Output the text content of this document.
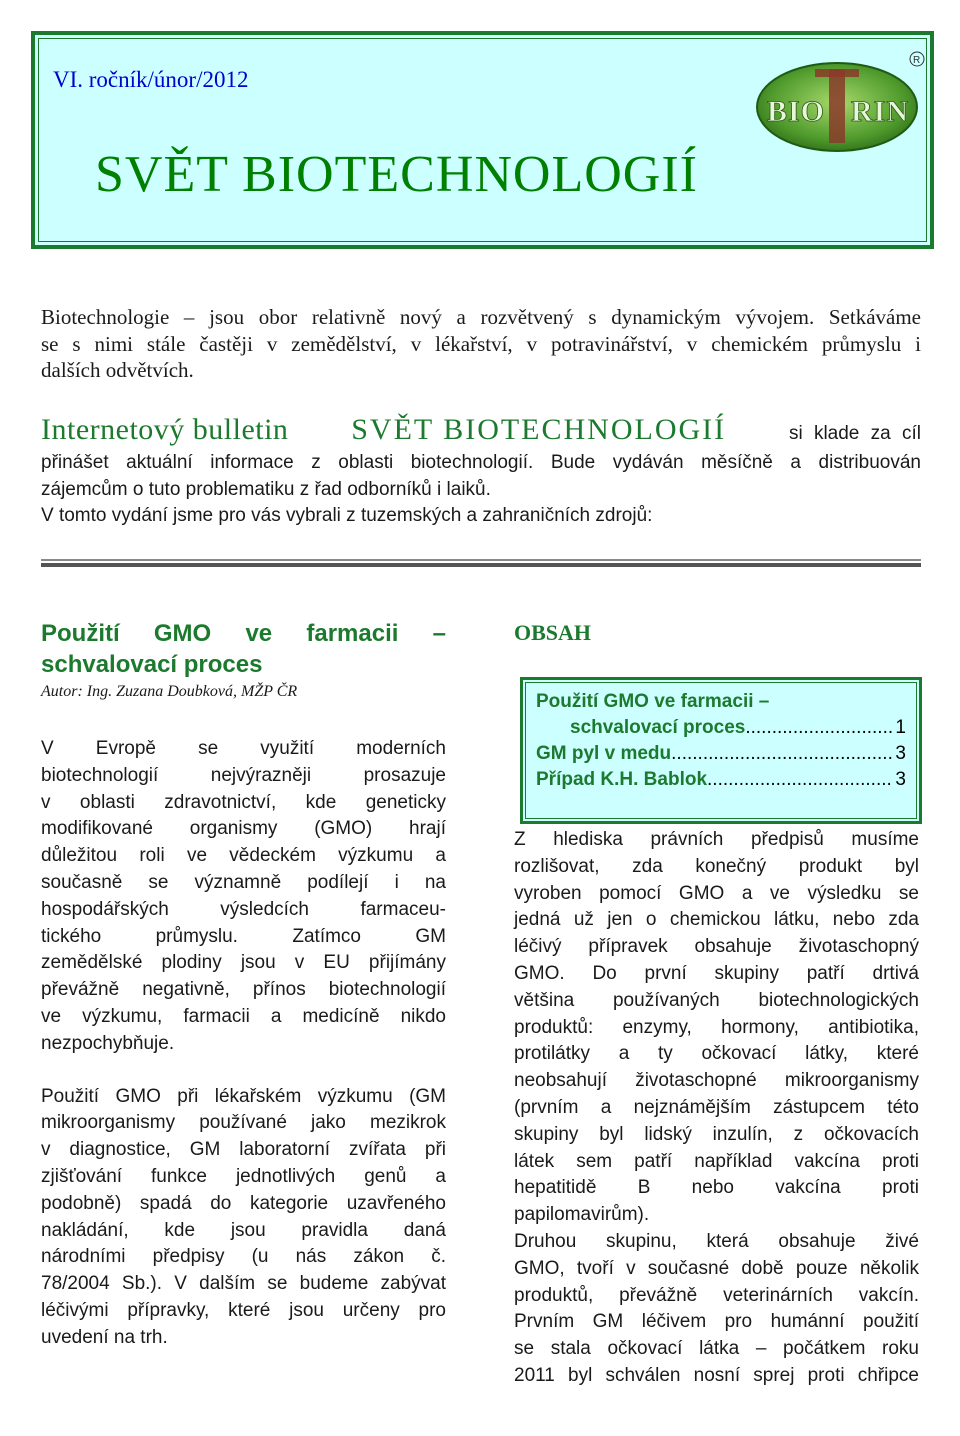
VI. ročník/únor/2012
SVĚT BIOTECHNOLOGIÍ
BIO RIN
R
Biotechnologie – jsou obor relativně nový a rozvětvený s dynamickým vývojem. Setkáváme
se s nimi stále častěji v zemědělství, v lékařství, v potravinářství, v chemickém průmyslu i
dalších odvětvích.
Internetový bulletin SVĚT BIOTECHNOLOGIÍ	si klade za cíl
přinášet aktuální informace z oblasti biotechnologií. Bude vydáván měsíčně a distribuován
zájemcům o tuto problematiku z řad odborníků i laiků.
V tomto vydání jsme pro vás vybrali z tuzemských a zahraničních zdrojů:
Použití GMO ve farmacii –
schvalovací proces
Autor: Ing. Zuzana Doubková, MŽP ČR
V Evropě se využití moderních
biotechnologií nejvýrazněji prosazuje
v oblasti zdravotnictví, kde geneticky
modifikované organismy (GMO) hrají
důležitou roli ve vědeckém výzkumu a
současně se významně podílejí i na
hospodářských výsledcích farmaceu-
tického průmyslu. Zatímco GM
zemědělské plodiny jsou v EU přijímány
převážně negativně, přínos biotechnologií
ve výzkumu, farmacii a medicíně nikdo
nezpochybňuje.
Použití GMO při lékařském výzkumu (GM
mikroorganismy používané jako mezikrok
v diagnostice, GM laboratorní zvířata při
zjišťování funkce jednotlivých genů a
podobně) spadá do kategorie uzavřeného
nakládání, kde jsou pravidla daná
národními předpisy (u nás zákon č.
78/2004 Sb.). V dalším se budeme zabývat
léčivými přípravky, které jsou určeny pro
uvedení na trh.
OBSAH
Použití GMO ve farmacii –
schvalovací proces .....	1
GM pyl v medu .....	3
Případ K.H. Bablok .....	3
Z hlediska právních předpisů musíme
rozlišovat, zda konečný produkt byl
vyroben pomocí GMO a ve výsledku se
jedná už jen o chemickou látku, nebo zda
léčivý přípravek obsahuje životaschopný
GMO. Do první skupiny patří drtivá
většina používaných biotechnologických
produktů: enzymy, hormony, antibiotika,
protilátky a ty očkovací látky, které
neobsahují životaschopné mikroorganismy
(prvním a nejznámějším zástupcem této
skupiny byl lidský inzulín, z očkovacích
látek sem patří například vakcína proti
hepatitidě B nebo vakcína proti
papilomavirům).
Druhou skupinu, která obsahuje živé
GMO, tvoří v současné době pouze několik
produktů, převážně veterinárních vakcín.
Prvním GM léčivem pro humánní použití
se stala očkovací látka – počátkem roku
2011 byl schválen nosní sprej proti chřipce
